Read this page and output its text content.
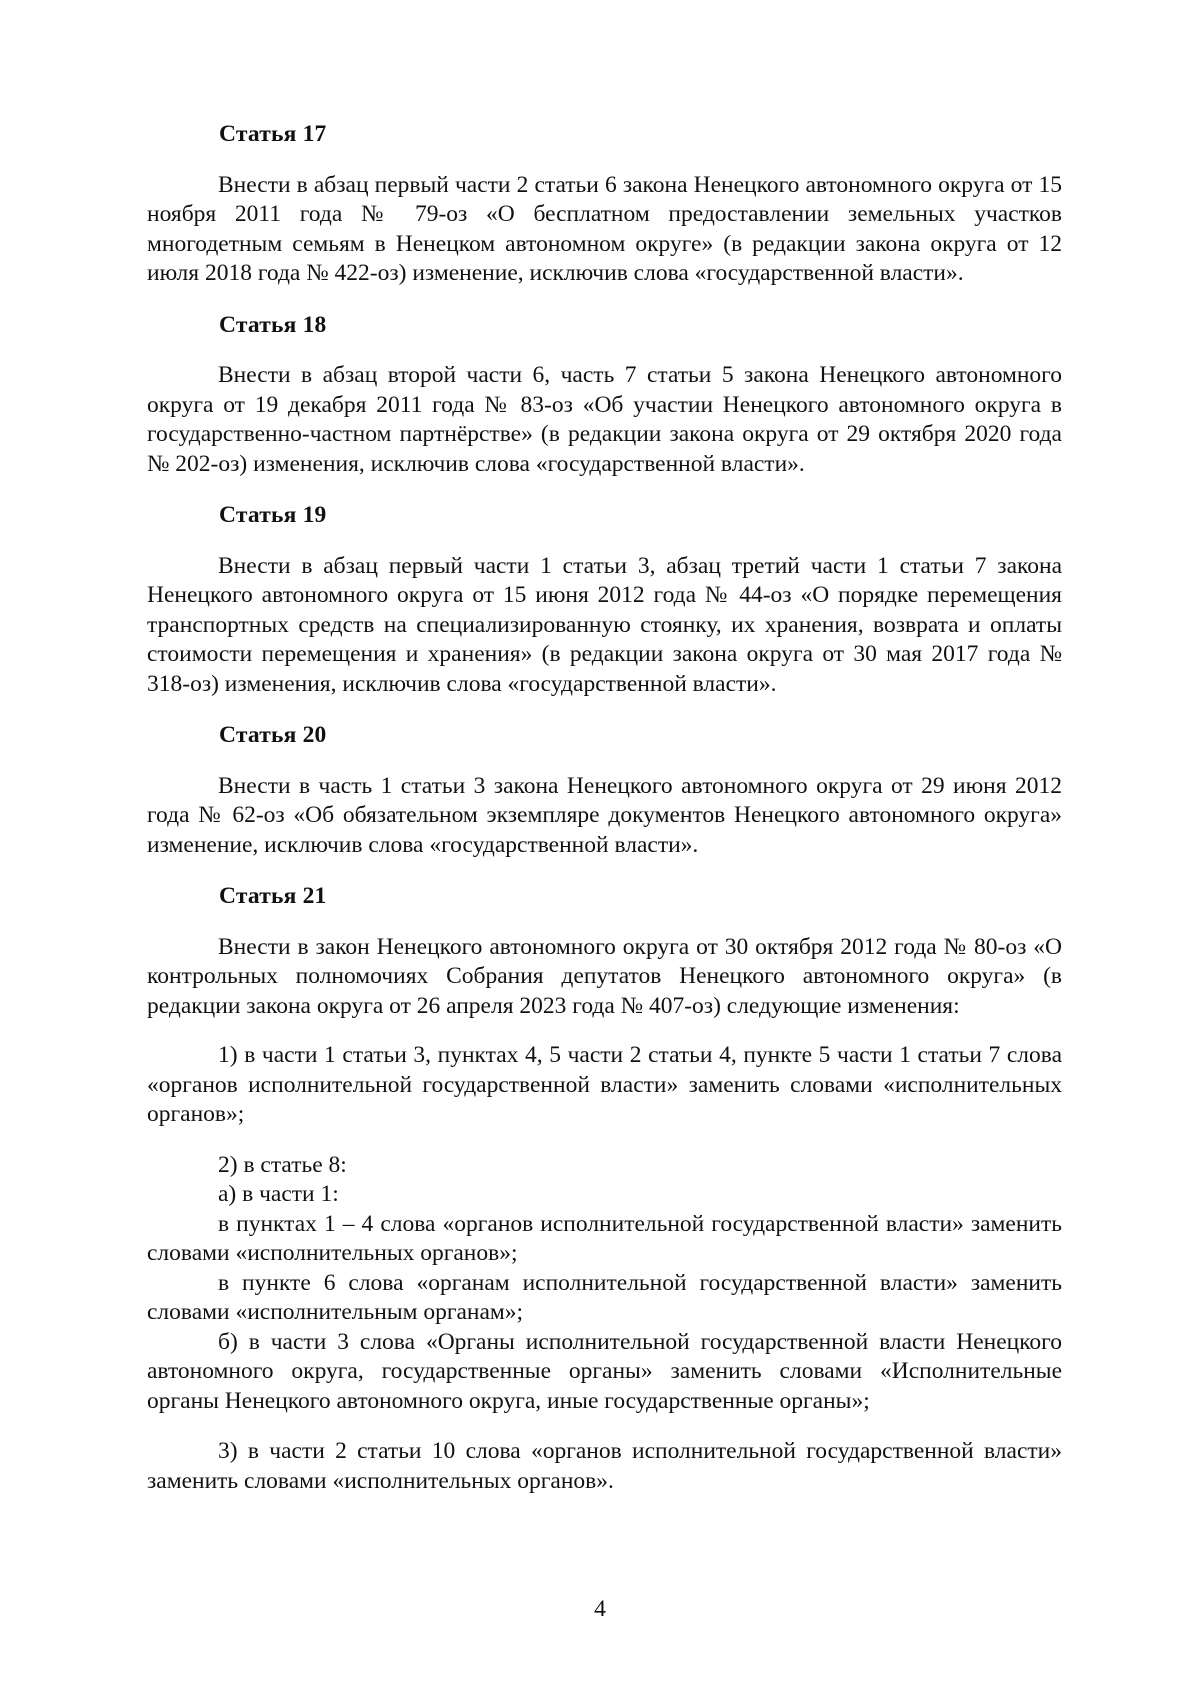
Статья 17

Внести в абзац первый части 2 статьи 6 закона Ненецкого автономного округа от 15 ноября 2011 года № 79-оз «О бесплатном предоставлении земельных участков многодетным семьям в Ненецком автономном округе» (в редакции закона округа от 12 июля 2018 года № 422-оз) изменение, исключив слова «государственной власти».

Статья 18

Внести в абзац второй части 6, часть 7 статьи 5 закона Ненецкого автономного округа от 19 декабря 2011 года № 83-оз «Об участии Ненецкого автономного округа в государственно-частном партнёрстве» (в редакции закона округа от 29 октября 2020 года № 202-оз) изменения, исключив слова «государственной власти».

Статья 19

Внести в абзац первый части 1 статьи 3, абзац третий части 1 статьи 7 закона Ненецкого автономного округа от 15 июня 2012 года № 44-оз «О порядке перемещения транспортных средств на специализированную стоянку, их хранения, возврата и оплаты стоимости перемещения и хранения» (в редакции закона округа от 30 мая 2017 года № 318-оз) изменения, исключив слова «государственной власти».

Статья 20

Внести в часть 1 статьи 3 закона Ненецкого автономного округа от 29 июня 2012 года № 62-оз «Об обязательном экземпляре документов Ненецкого автономного округа» изменение, исключив слова «государственной власти».

Статья 21

Внести в закон Ненецкого автономного округа от 30 октября 2012 года № 80-оз «О контрольных полномочиях Собрания депутатов Ненецкого автономного округа» (в редакции закона округа от 26 апреля 2023 года № 407-оз) следующие изменения:

1) в части 1 статьи 3, пунктах 4, 5 части 2 статьи 4, пункте 5 части 1 статьи 7 слова «органов исполнительной государственной власти» заменить словами «исполнительных органов»;

2) в статье 8:

а) в части 1:

в пунктах 1 – 4 слова «органов исполнительной государственной власти» заменить словами «исполнительных органов»;

в пункте 6 слова «органам исполнительной государственной власти» заменить словами «исполнительным органам»;

б) в части 3 слова «Органы исполнительной государственной власти Ненецкого автономного округа, государственные органы» заменить словами «Исполнительные органы Ненецкого автономного округа, иные государственные органы»;

3) в части 2 статьи 10 слова «органов исполнительной государственной власти» заменить словами «исполнительных органов».

4
